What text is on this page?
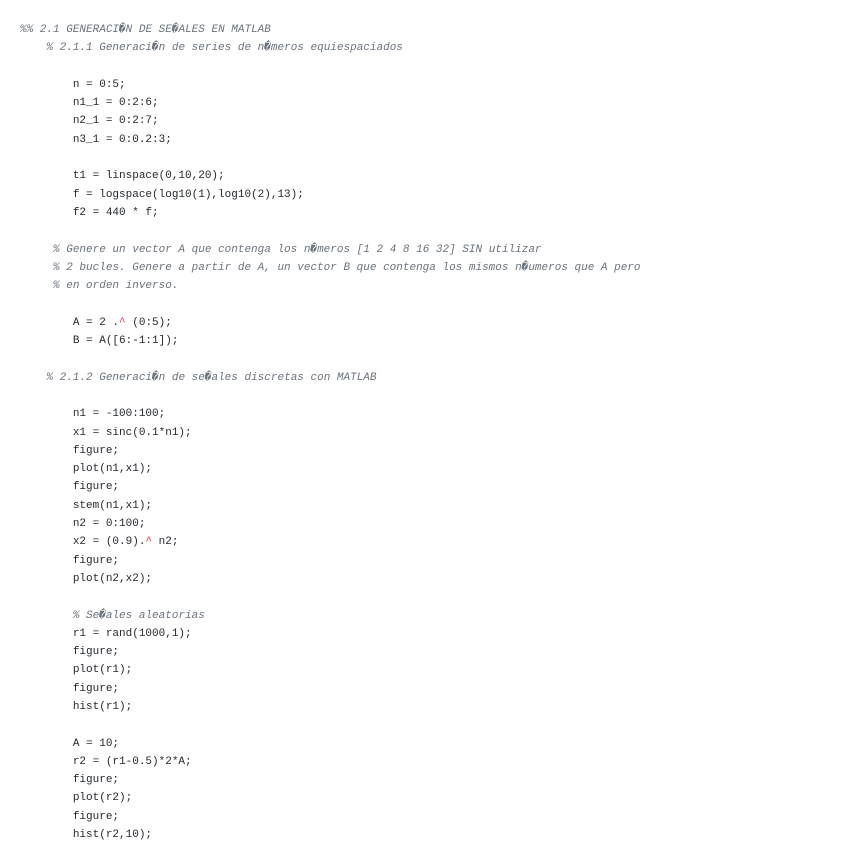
%% 2.1 GENERACI�N DE SE�ALES EN MATLAB
% 2.1.1 Generaci�n de series de n�meros equiespaciados
n = 0:5;
n1_1 = 0:2:6;
n2_1 = 0:2:7;
n3_1 = 0:0.2:3;
t1 = linspace(0,10,20);
f = logspace(log10(1),log10(2),13);
f2 = 440 * f;
% Genere un vector A que contenga los n�meros [1 2 4 8 16 32] SIN utilizar
% 2 bucles. Genere a partir de A, un vector B que contenga los mismos n�umeros que A pero
% en orden inverso.
A = 2 .^ (0:5);
B = A([6:-1:1]);
% 2.1.2 Generaci�n de se�ales discretas con MATLAB
n1 = -100:100;
x1 = sinc(0.1*n1);
figure;
plot(n1,x1);
figure;
stem(n1,x1);
n2 = 0:100;
x2 = (0.9).^ n2;
figure;
plot(n2,x2);
% Se�ales aleatorias
r1 = rand(1000,1);
figure;
plot(r1);
figure;
hist(r1);
A = 10;
r2 = (r1-0.5)*2*A;
figure;
plot(r2);
figure;
hist(r2,10);
